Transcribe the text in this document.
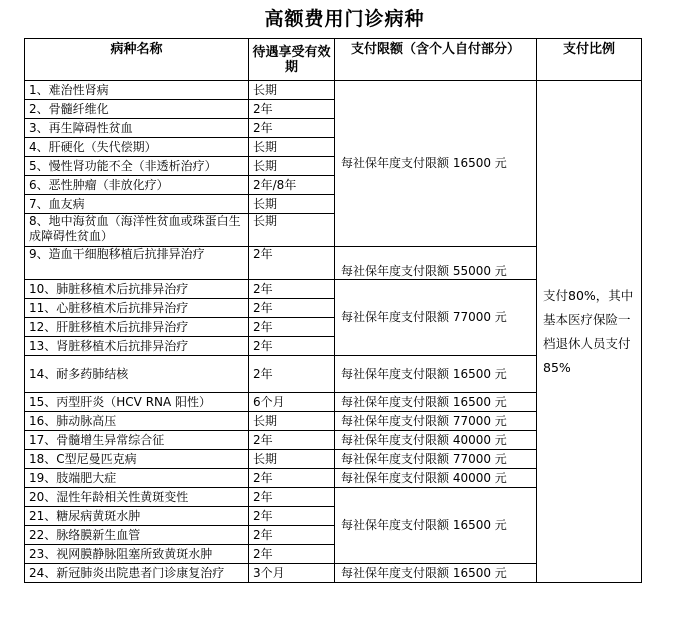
高额费用门诊病种
病种名称	待遇享受有效期	支付限额（含个人自付部分）	支付比例
1、难治性肾病	长期	每社保年度支付限额 16500 元	支付80%，其中基本医疗保险一档退休人员支付85%
2、骨髓纤维化	2年		
3、再生障碍性贫血	2年		
4、肝硬化（失代偿期）	长期		
5、慢性肾功能不全（非透析治疗）	长期		
6、恶性肿瘤（非放化疗）	2年/8年		
7、血友病	长期		
8、地中海贫血（海洋性贫血或珠蛋白生成障碍性贫血）	长期		
9、造血干细胞移植后抗排异治疗	2年	每社保年度支付限额 55000 元	
10、肺脏移植术后抗排异治疗	2年	每社保年度支付限额 77000 元	
11、心脏移植术后抗排异治疗	2年		
12、肝脏移植术后抗排异治疗	2年		
13、肾脏移植术后抗排异治疗	2年		
14、耐多药肺结核	2年	每社保年度支付限额 16500 元	
15、丙型肝炎（HCV RNA 阳性）	6个月	每社保年度支付限额 16500 元	
16、肺动脉高压	长期	每社保年度支付限额 77000 元	
17、骨髓增生异常综合征	2年	每社保年度支付限额 40000 元	
18、C型尼曼匹克病	长期	每社保年度支付限额 77000 元	
19、肢端肥大症	2年	每社保年度支付限额 40000 元	
20、湿性年龄相关性黄斑变性	2年	每社保年度支付限额 16500 元	
21、糖尿病黄斑水肿	2年		
22、脉络膜新生血管	2年		
23、视网膜静脉阻塞所致黄斑水肿	2年		
24、新冠肺炎出院患者门诊康复治疗	3个月	每社保年度支付限额 16500 元	
